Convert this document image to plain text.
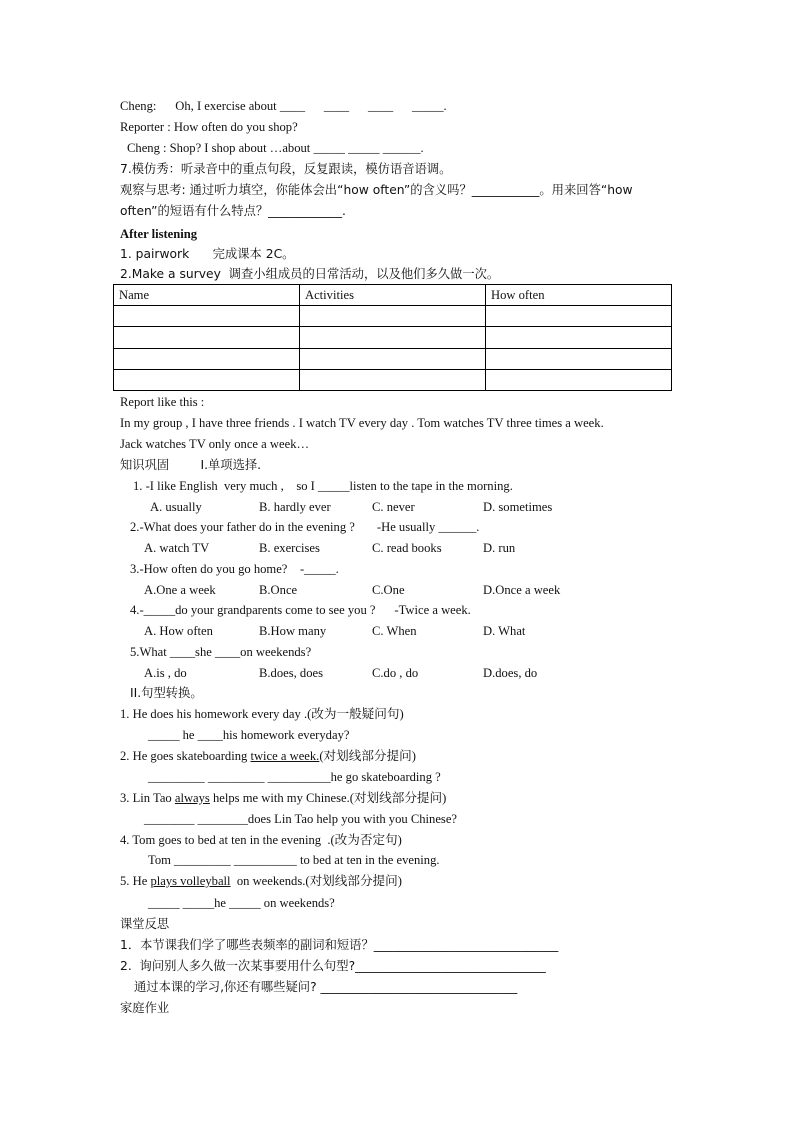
Cheng:      Oh, I exercise about ____      ____      ____      _____.
Reporter : How often do you shop?
Cheng : Shop? I shop about …about _____ _____ ______.
7.模仿秀：听录音中的重点句段，反复跟读，模仿语音语调。
观察与思考: 通过听力填空，你能体会出“how often”的含义吗？___________。用来回答“how
often”的短语有什么特点？____________.
After listening
1. pairwork      完成课本 2C。
2.Make a survey  调查小组成员的日常活动，以及他们多久做一次。
Name	Activities	How often

Report like this :
In my group , I have three friends . I watch TV every day . Tom watches TV three times a week.
Jack watches TV only once a week…
知识巩固        I.单项选择.
1. -I like English  very much ,    so I _____listen to the tape in the morning.
A. usually	B. hardly ever	C. never	D. sometimes
2.-What does your father do in the evening ?       -He usually ______.
A. watch TV	B. exercises	C. read books	D. run
3.-How often do you go home?    -_____.
A.One a week	B.Once	C.One	D.Once a week
4.-_____do your grandparents come to see you ?      -Twice a week.
A. How often	B.How many	C. When	D. What
5.What ____she ____on weekends?
A.is , do	B.does, does	C.do , do	D.does, do
II.句型转换。
1. He does his homework every day .(改为一般疑问句)
_____ he ____his homework everyday?
2. He goes skateboarding twice a week.(对划线部分提问)
_________ _________ __________he go skateboarding ?
3. Lin Tao always helps me with my Chinese.(对划线部分提问)
________ ________does Lin Tao help you with you Chinese?
4. Tom goes to bed at ten in the evening  .(改为否定句)
Tom _________ __________ to bed at ten in the evening.
5. He plays volleyball  on weekends.(对划线部分提问)
_____ _____he _____ on weekends?
课堂反思
1．本节课我们学了哪些表频率的副词和短语？______________________________
2.  询问别人多久做一次某事要用什么句型?_______________________________
通过本课的学习,你还有哪些疑问? ________________________________
家庭作业
